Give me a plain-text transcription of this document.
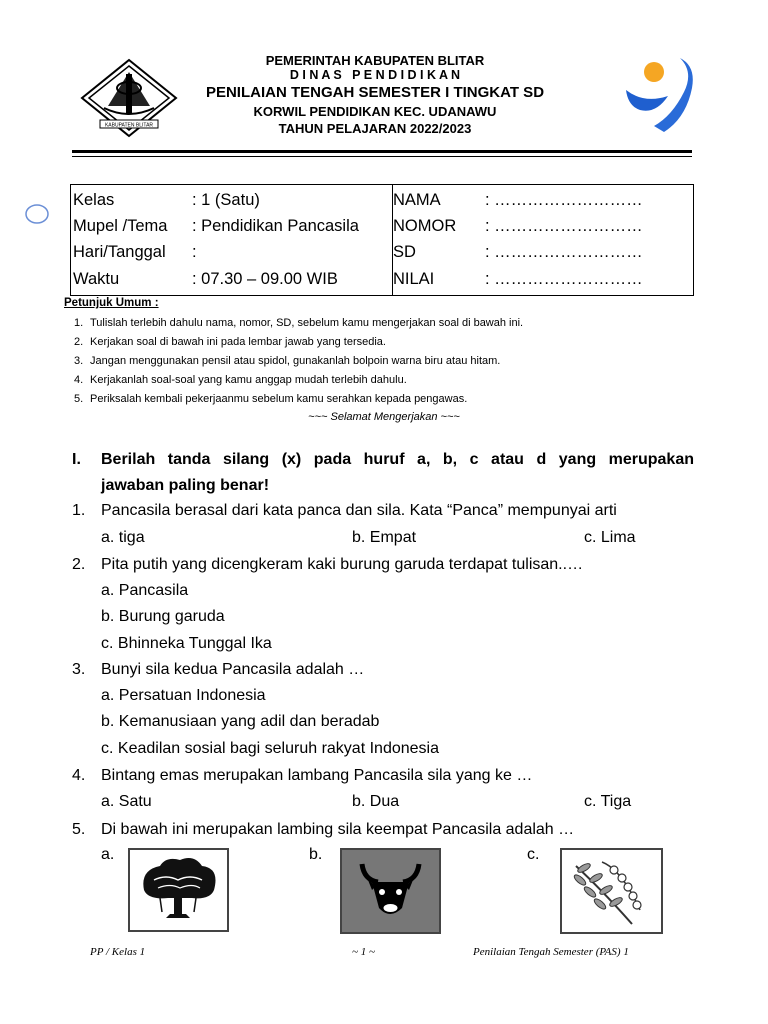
KABUPATEN BLITAR
PEMERINTAH KABUPATEN BLITAR
D I N A S   P E N D I D I K A N
PENILAIAN TENGAH SEMESTER I TINGKAT SD
KORWIL PENDIDIKAN KEC. UDANAWU
TAHUN PELAJARAN 2022/2023
Kelas	: 1 (Satu)
Mupel /Tema : Pendidikan Pancasila
Hari/Tanggal :
Waktu	: 07.30 – 09.00 WIB
NAMA	: ………………………
NOMOR : ………………………
SD	: ………………………
NILAI	: ………………………
Petunjuk Umum :
1. Tulislah terlebih dahulu nama, nomor, SD, sebelum kamu mengerjakan soal di bawah ini.
2. Kerjakan soal di bawah ini pada lembar jawab yang tersedia.
3. Jangan menggunakan pensil atau spidol, gunakanlah bolpoin warna biru atau hitam.
4. Kerjakanlah soal-soal yang kamu anggap mudah terlebih dahulu.
5. Periksalah kembali pekerjaanmu sebelum kamu serahkan kepada pengawas.
~~~ Selamat Mengerjakan ~~~
I. Berilah tanda silang (x) pada huruf a, b, c atau d yang merupakan
jawaban paling benar!
1. Pancasila berasal dari kata panca dan sila. Kata “Panca” mempunyai arti
a. tiga	b. Empat	c. Lima
2. Pita putih yang dicengkeram kaki burung garuda terdapat tulisan..…
a. Pancasila
b. Burung garuda
c. Bhinneka Tunggal Ika
3. Bunyi sila kedua Pancasila adalah …
a. Persatuan Indonesia
b. Kemanusiaan yang adil dan beradab
c. Keadilan sosial bagi seluruh rakyat Indonesia
4. Bintang emas merupakan lambang Pancasila sila yang ke …
a. Satu	b. Dua	c. Tiga
5. Di bawah ini merupakan lambing sila keempat Pancasila adalah …
a.	b.	c.
PP / Kelas 1	~ 1 ~	Penilaian Tengah Semester (PAS) 1
